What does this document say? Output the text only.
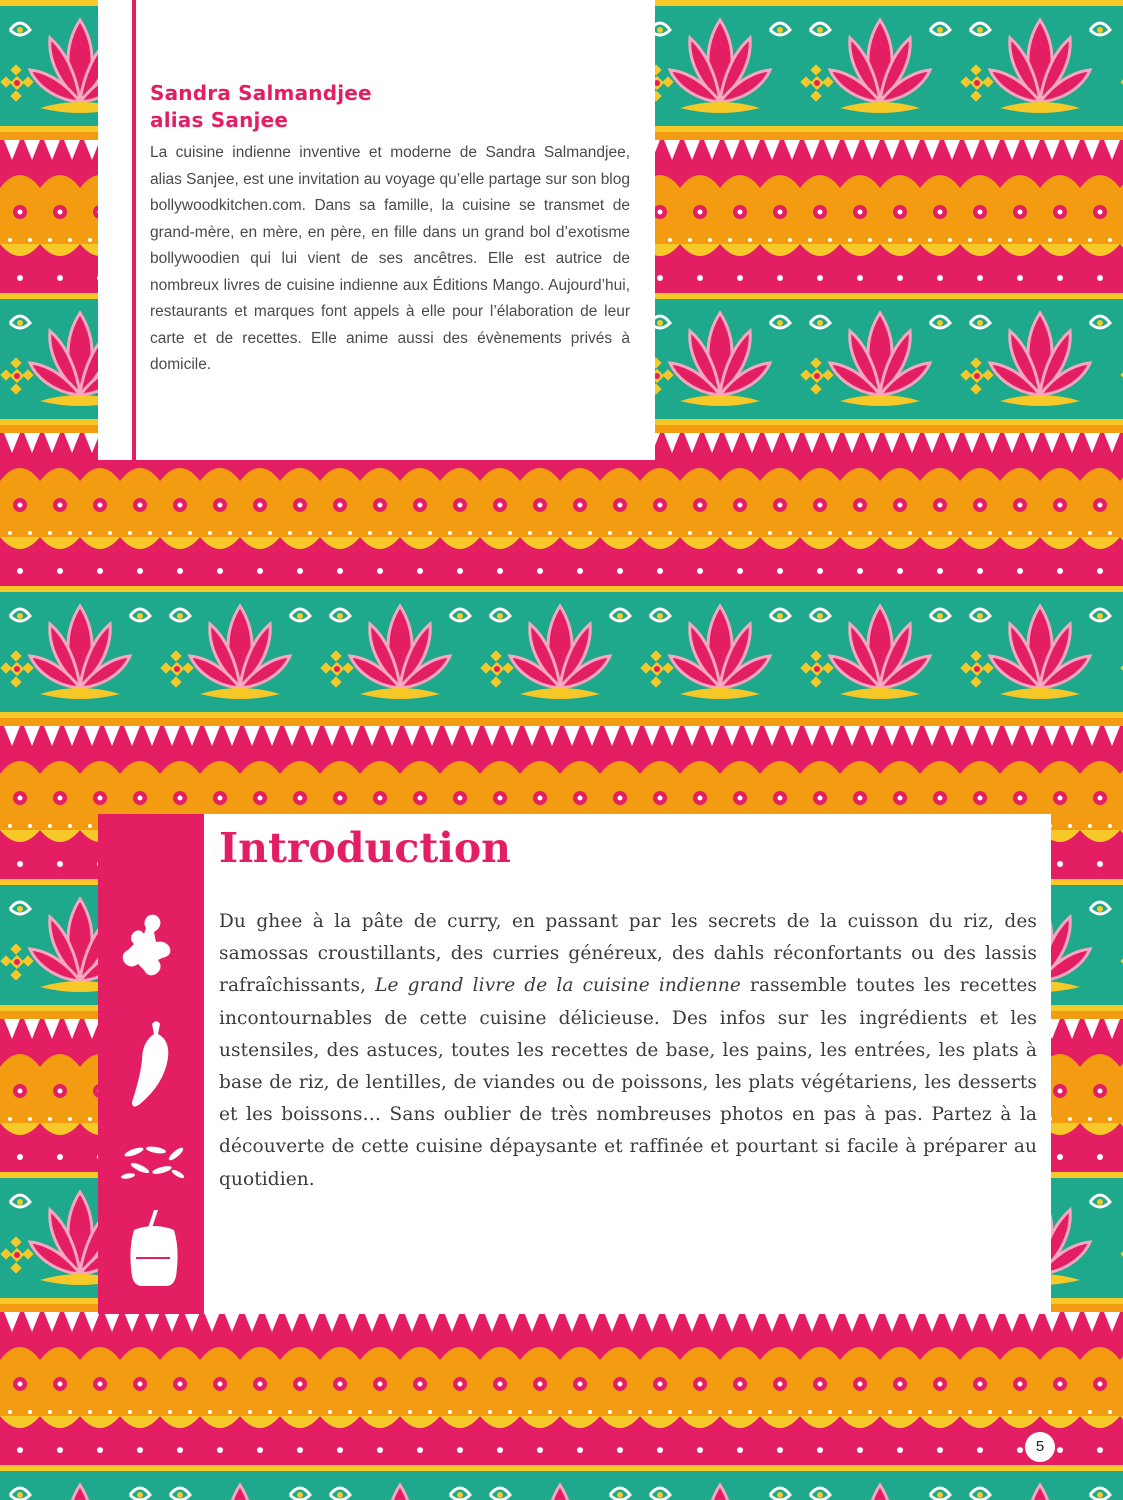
Sandra Salmandjee
alias Sanjee

La cuisine indienne inventive et moderne de Sandra Salmandjee, alias Sanjee, est une invitation au voyage qu’elle partage sur son blog bollywoodkitchen.com. Dans sa famille, la cuisine se transmet de grand-mère, en mère, en père, en fille dans un grand bol d’exotisme bollywoodien qui lui vient de ses ancêtres. Elle est autrice de nombreux livres de cuisine indienne aux Éditions Mango. Aujourd’hui, restaurants et marques font appels à elle pour l’élaboration de leur carte et de recettes. Elle anime aussi des évènements privés à domicile.

Introduction

Du ghee à la pâte de curry, en passant par les secrets de la cuisson du riz, des samossas croustillants, des curries généreux, des dahls réconfortants ou des lassis rafraîchissants, Le grand livre de la cuisine indienne rassemble toutes les recettes incontournables de cette cuisine délicieuse. Des infos sur les ingrédients et les ustensiles, des astuces, toutes les recettes de base, les pains, les entrées, les plats à base de riz, de lentilles, de viandes ou de poissons, les plats végétariens, les desserts et les boissons… Sans oublier de très nombreuses photos en pas à pas. Partez à la découverte de cette cuisine dépaysante et raffinée et pourtant si facile à préparer au quotidien.

5
